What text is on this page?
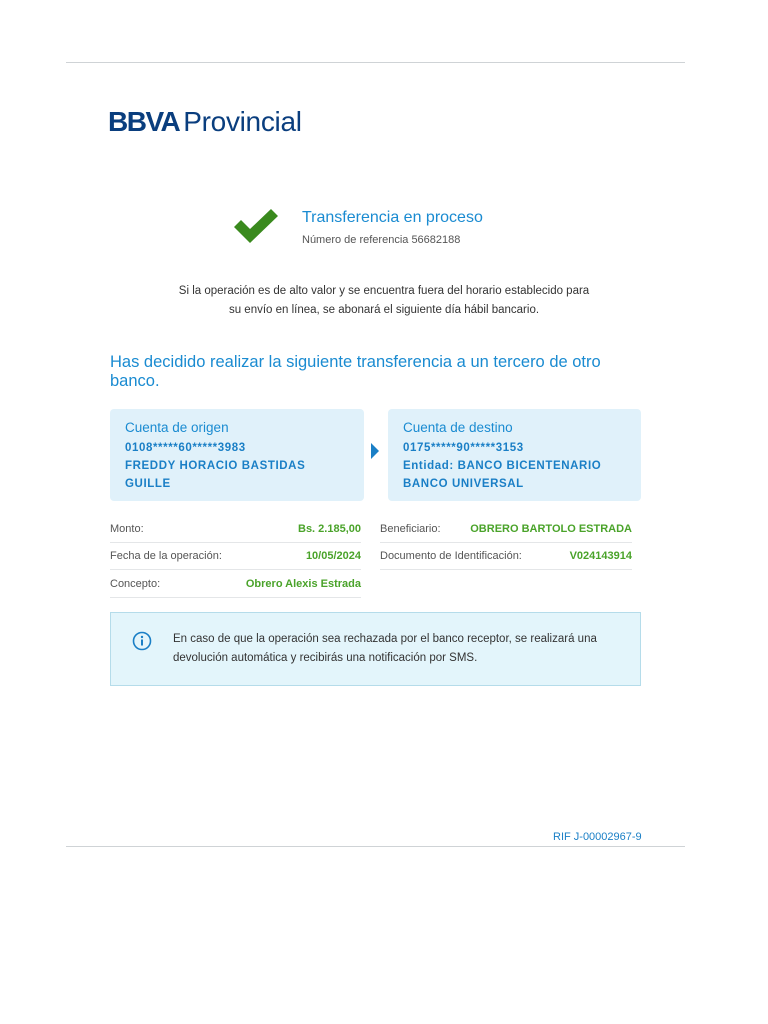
BBVA Provincial
Transferencia en proceso
Número de referencia 56682188
Si la operación es de alto valor y se encuentra fuera del horario establecido para
su envío en línea, se abonará el siguiente día hábil bancario.
Has decidido realizar la siguiente transferencia a un tercero de otro banco.
Cuenta de origen
0108*****60*****3983
FREDDY HORACIO BASTIDAS
GUILLE
Cuenta de destino
0175*****90*****3153
Entidad: BANCO BICENTENARIO
BANCO UNIVERSAL
Monto:	Bs. 2.185,00
Fecha de la operación:	10/05/2024
Concepto:	Obrero Alexis Estrada
Beneficiario:	OBRERO BARTOLO ESTRADA
Documento de Identificación:	V024143914
En caso de que la operación sea rechazada por el banco receptor, se realizará una
devolución automática y recibirás una notificación por SMS.
RIF J-00002967-9
